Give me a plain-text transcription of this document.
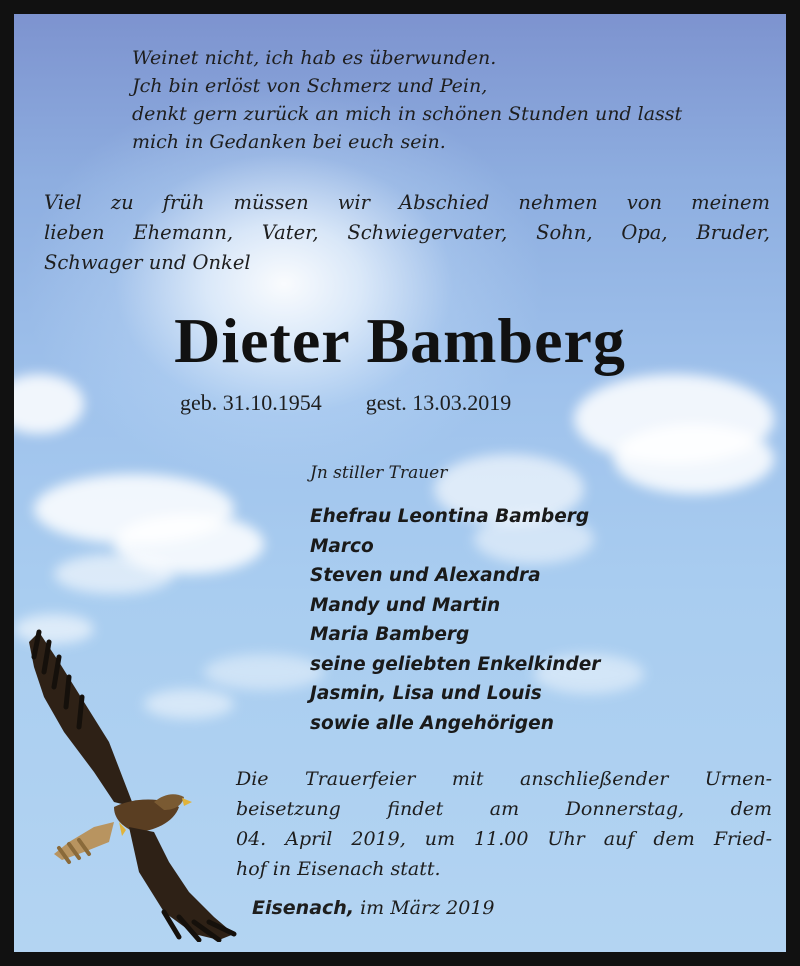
Weinet nicht, ich hab es überwunden.
Jch bin erlöst von Schmerz und Pein,
denkt gern zurück an mich in schönen Stunden und lasst
mich in Gedanken bei euch sein.
Viel zu früh müssen wir Abschied nehmen von meinem
lieben Ehemann, Vater, Schwiegervater, Sohn, Opa, Bruder,
Schwager und Onkel
Dieter Bamberg
geb. 31.10.1954 gest. 13.03.2019
Jn stiller Trauer
Ehefrau Leontina Bamberg
Marco
Steven und Alexandra
Mandy und Martin
Maria Bamberg
seine geliebten Enkelkinder
Jasmin, Lisa und Louis
sowie alle Angehörigen
Die Trauerfeier mit anschließender Urnen-
beisetzung findet am Donnerstag, dem
04. April 2019, um 11.00 Uhr auf dem Fried-
hof in Eisenach statt.
Eisenach, im März 2019
